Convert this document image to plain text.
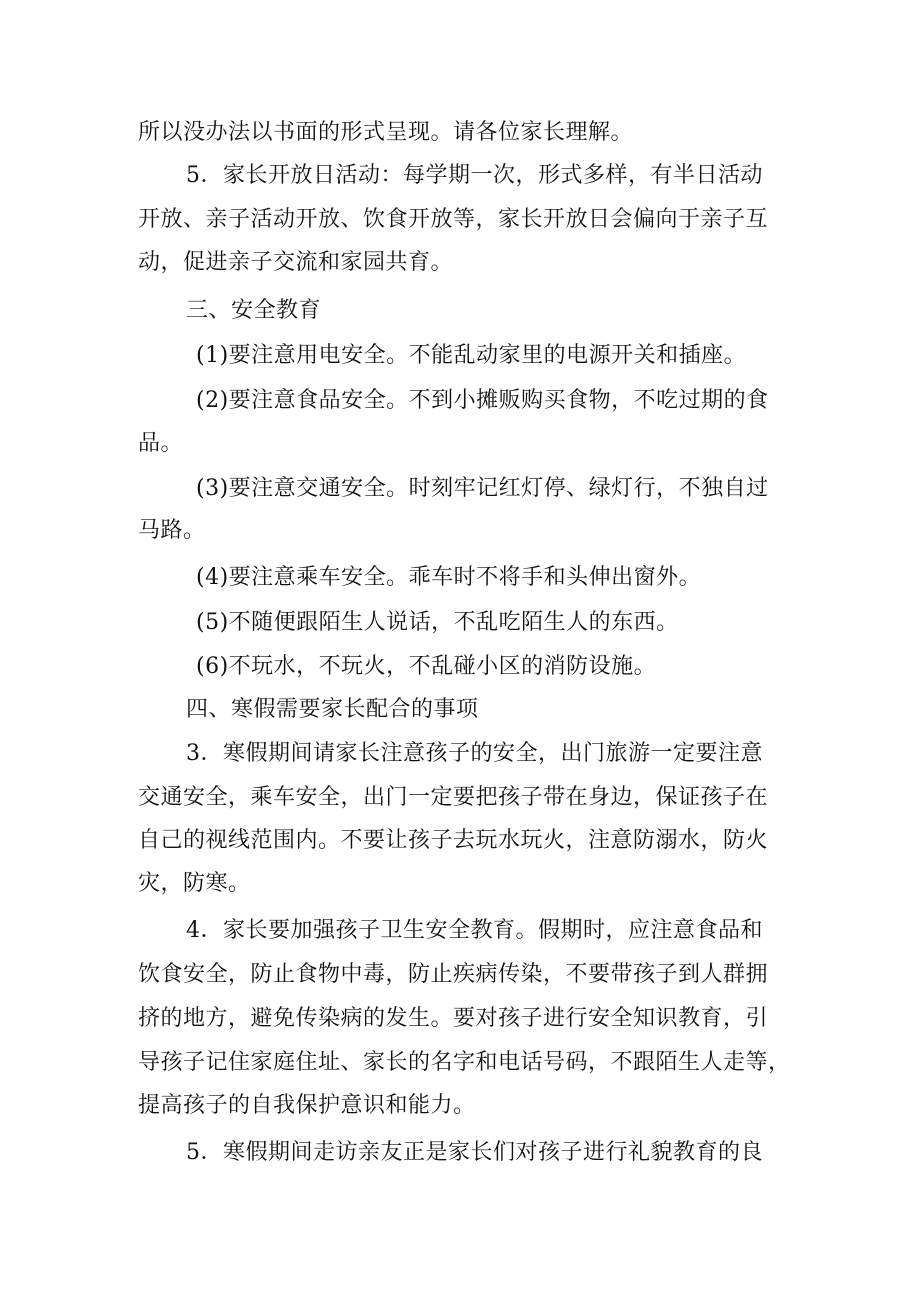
所以没办法以书面的形式呈现。请各位家长理解。
5．家长开放日活动：每学期一次，形式多样，有半日活动
开放、亲子活动开放、饮食开放等，家长开放日会偏向于亲子互
动，促进亲子交流和家园共育。
三、安全教育
(1)要注意用电安全。不能乱动家里的电源开关和插座。
(2)要注意食品安全。不到小摊贩购买食物，不吃过期的食
品。
(3)要注意交通安全。时刻牢记红灯停、绿灯行，不独自过
马路。
(4)要注意乘车安全。乖车时不将手和头伸出窗外。
(5)不随便跟陌生人说话，不乱吃陌生人的东西。
(6)不玩水，不玩火，不乱碰小区的消防设施。
四、寒假需要家长配合的事项
3．寒假期间请家长注意孩子的安全，出门旅游一定要注意
交通安全，乘车安全，出门一定要把孩子带在身边，保证孩子在
自己的视线范围内。不要让孩子去玩水玩火，注意防溺水，防火
灾，防寒。
4．家长要加强孩子卫生安全教育。假期时，应注意食品和
饮食安全，防止食物中毒，防止疾病传染，不要带孩子到人群拥
挤的地方，避免传染病的发生。要对孩子进行安全知识教育，引
导孩子记住家庭住址、家长的名字和电话号码，不跟陌生人走等，
提高孩子的自我保护意识和能力。
5．寒假期间走访亲友正是家长们对孩子进行礼貌教育的良
